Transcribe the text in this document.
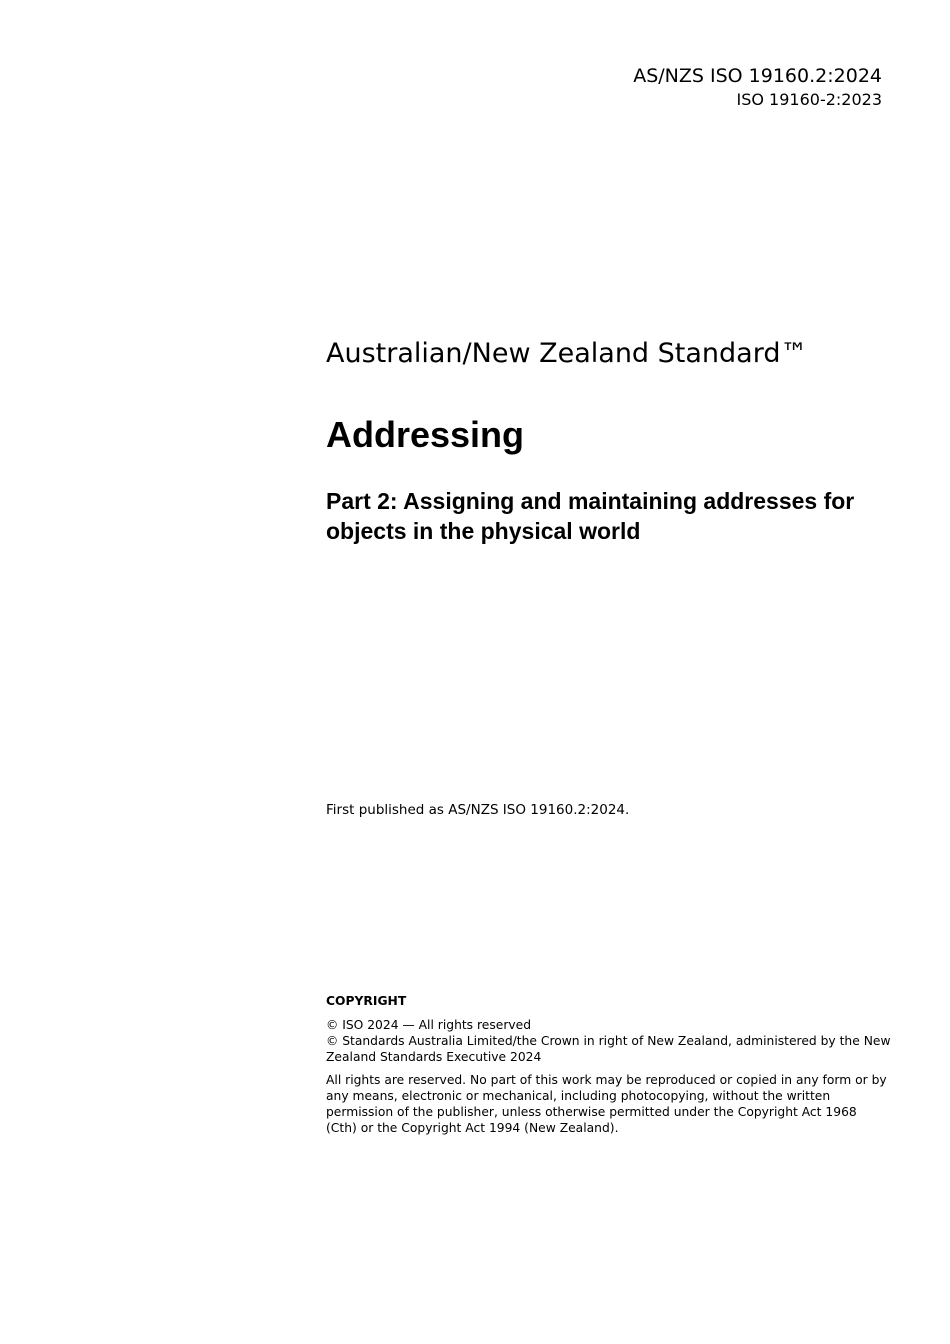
AS/NZS ISO 19160.2:2024
ISO 19160-2:2023
Australian/New Zealand Standard™
Addressing
Part 2: Assigning and maintaining addresses for objects in the physical world
First published as AS/NZS ISO 19160.2:2024.
COPYRIGHT

© ISO 2024 — All rights reserved

© Standards Australia Limited/the Crown in right of New Zealand, administered by the New Zealand Standards Executive 2024

All rights are reserved. No part of this work may be reproduced or copied in any form or by any means, electronic or mechanical, including photocopying, without the written permission of the publisher, unless otherwise permitted under the Copyright Act 1968 (Cth) or the Copyright Act 1994 (New Zealand).
